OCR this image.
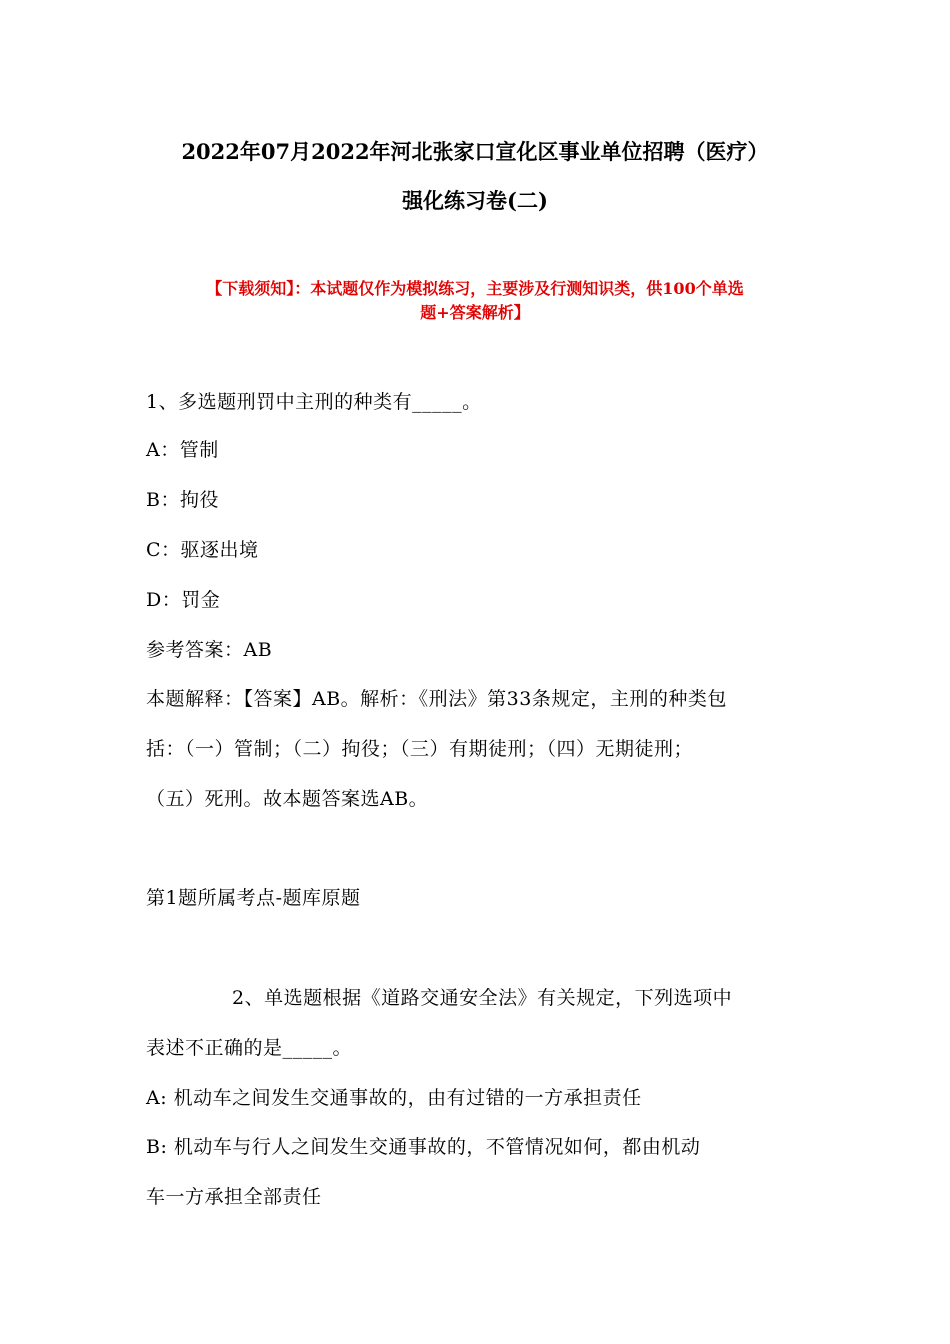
2022年07月2022年河北张家口宣化区事业单位招聘（医疗）
强化练习卷(二)
【下载须知】：本试题仅作为模拟练习，主要涉及行测知识类，供100个单选
题+答案解析】
1、多选题刑罚中主刑的种类有_____。
A：管制
B：拘役
C：驱逐出境
D：罚金
参考答案：AB
本题解释：【答案】AB。解析：《刑法》第33条规定，主刑的种类包
括：（一）管制；（二）拘役；（三）有期徒刑；（四）无期徒刑；
（五）死刑。故本题答案选AB。
第1题所属考点-题库原题
2、单选题根据《道路交通安全法》有关规定，下列选项中
表述不正确的是_____。
A: 机动车之间发生交通事故的，由有过错的一方承担责任
B: 机动车与行人之间发生交通事故的，不管情况如何，都由机动
车一方承担全部责任
